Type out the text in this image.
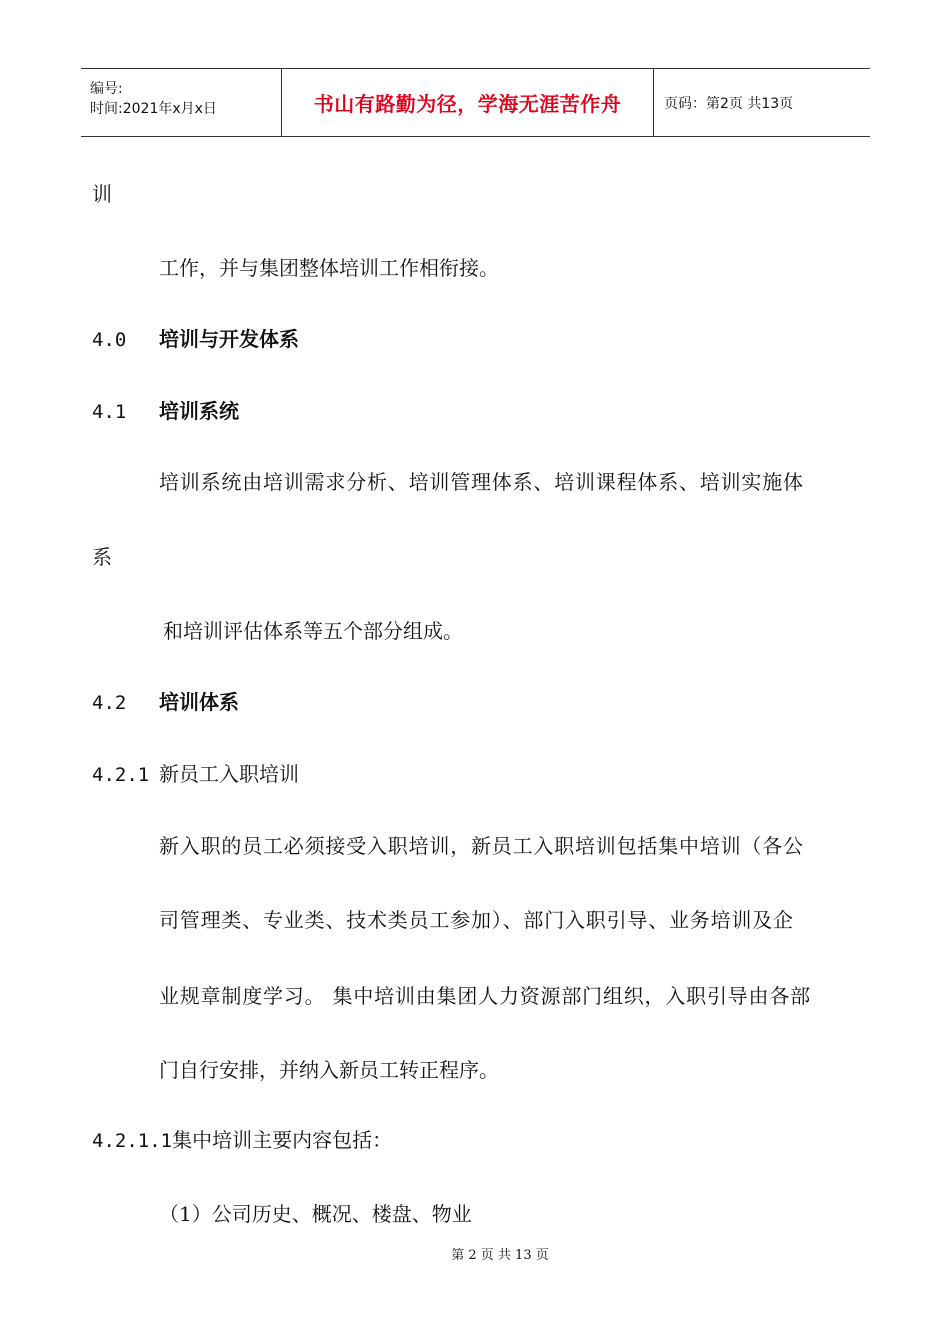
编号:
时间:2021年x月x日	书山有路勤为径，学海无涯苦作舟	页码：第2页 共13页
训
工作，并与集团整体培训工作相衔接。
4.0 培训与开发体系
4.1 培训系统
培训系统由培训需求分析、培训管理体系、培训课程体系、培训实施体
系
和培训评估体系等五个部分组成。
4.2 培训体系
4.2.1 新员工入职培训
新入职的员工必须接受入职培训，新员工入职培训包括集中培训（各公
司管理类、专业类、技术类员工参加）、部门入职引导、业务培训及企
业规章制度学习。 集中培训由集团人力资源部门组织，入职引导由各部
门自行安排，并纳入新员工转正程序。
4.2.1.1集中培训主要内容包括：
（1）公司历史、概况、楼盘、物业
第 2 页 共 13 页
